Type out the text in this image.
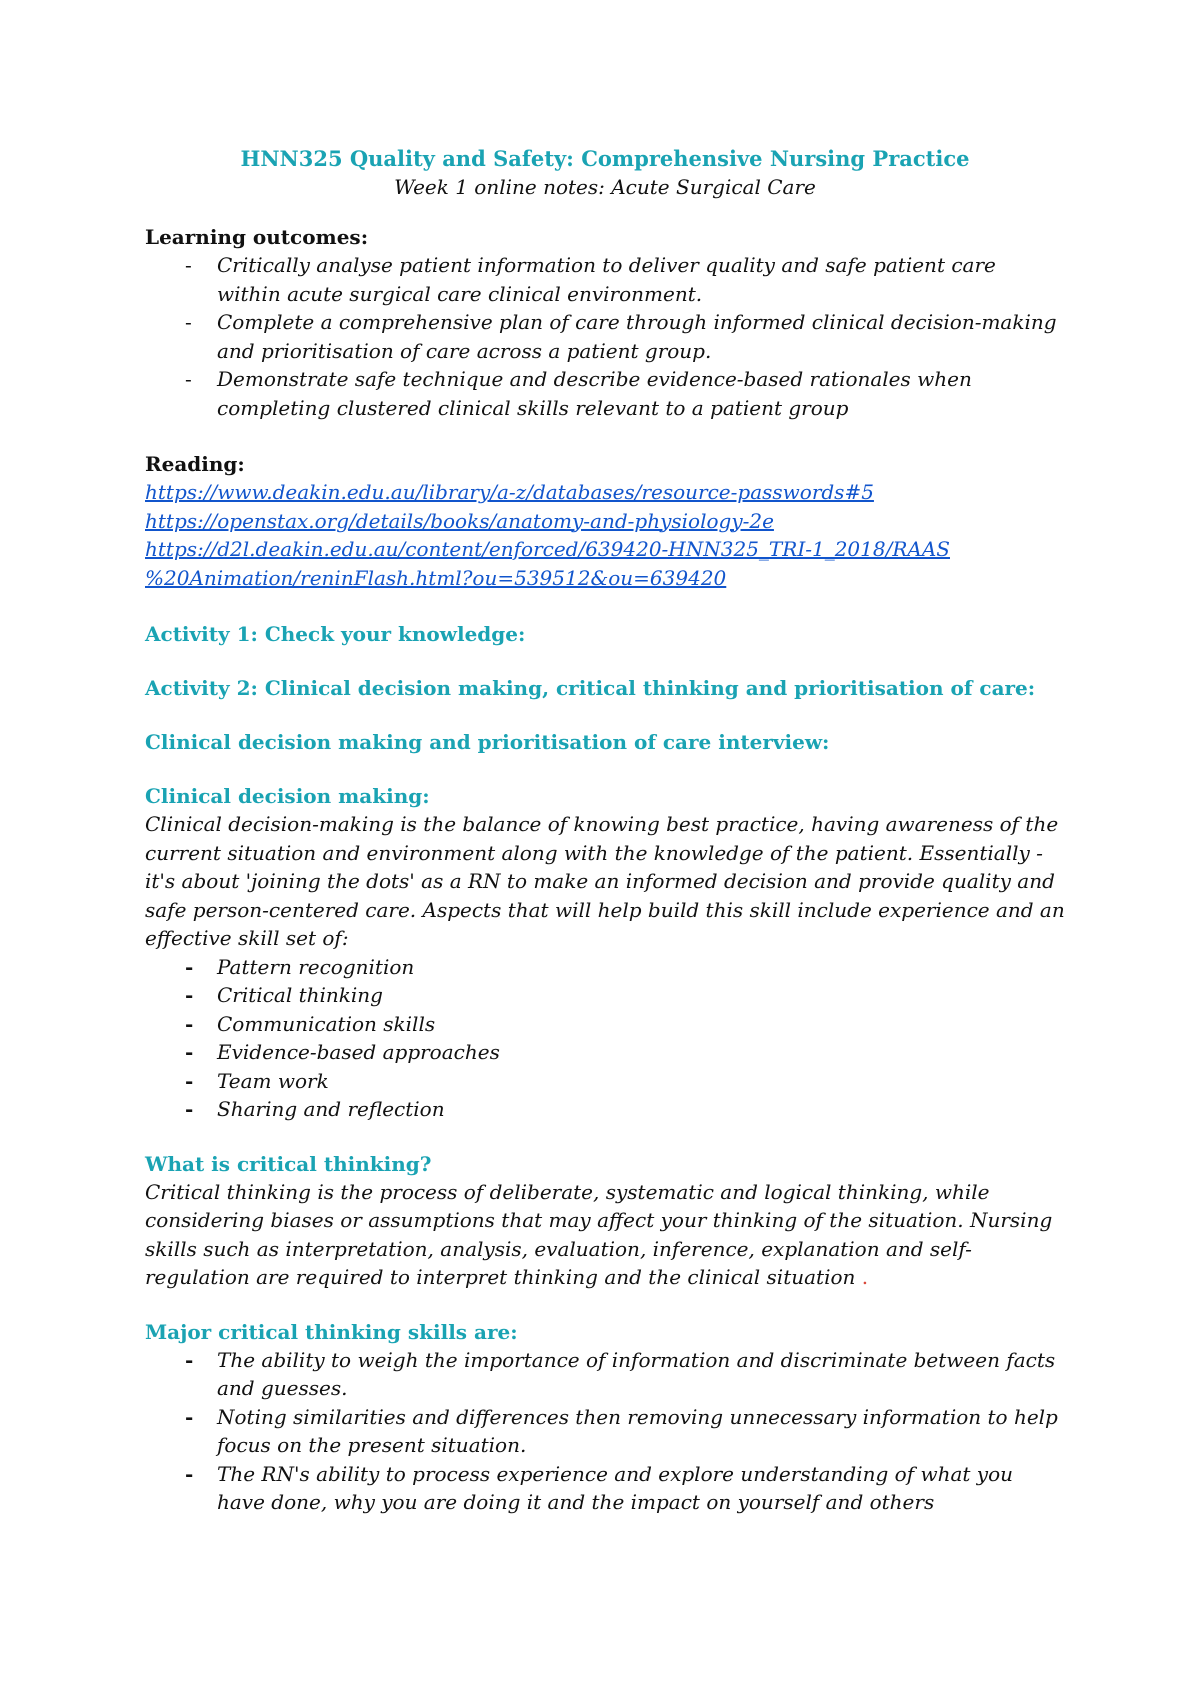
HNN325 Quality and Safety: Comprehensive Nursing Practice

Week 1 online notes: Acute Surgical Care

Learning outcomes:

- Critically analyse patient information to deliver quality and safe patient care within acute surgical care clinical environment.
- Complete a comprehensive plan of care through informed clinical decision-making and prioritisation of care across a patient group.
- Demonstrate safe technique and describe evidence-based rationales when completing clustered clinical skills relevant to a patient group

Reading:

https://www.deakin.edu.au/library/a-z/databases/resource-passwords#5
https://openstax.org/details/books/anatomy-and-physiology-2e
https://d2l.deakin.edu.au/content/enforced/639420-HNN325_TRI-1_2018/RAAS
%20Animation/reninFlash.html?ou=539512&ou=639420

Activity 1: Check your knowledge:

Activity 2: Clinical decision making, critical thinking and prioritisation of care:

Clinical decision making and prioritisation of care interview:

Clinical decision making:

Clinical decision-making is the balance of knowing best practice, having awareness of the current situation and environment along with the knowledge of the patient. Essentially - it's about 'joining the dots' as a RN to make an informed decision and provide quality and safe person-centered care. Aspects that will help build this skill include experience and an effective skill set of:

- Pattern recognition
- Critical thinking
- Communication skills
- Evidence-based approaches
- Team work
- Sharing and reflection

What is critical thinking?

Critical thinking is the process of deliberate, systematic and logical thinking, while considering biases or assumptions that may affect your thinking of the situation. Nursing skills such as interpretation, analysis, evaluation, inference, explanation and self-regulation are required to interpret thinking and the clinical situation .

Major critical thinking skills are:

- The ability to weigh the importance of information and discriminate between facts and guesses.
- Noting similarities and differences then removing unnecessary information to help focus on the present situation.
- The RN's ability to process experience and explore understanding of what you have done, why you are doing it and the impact on yourself and others
